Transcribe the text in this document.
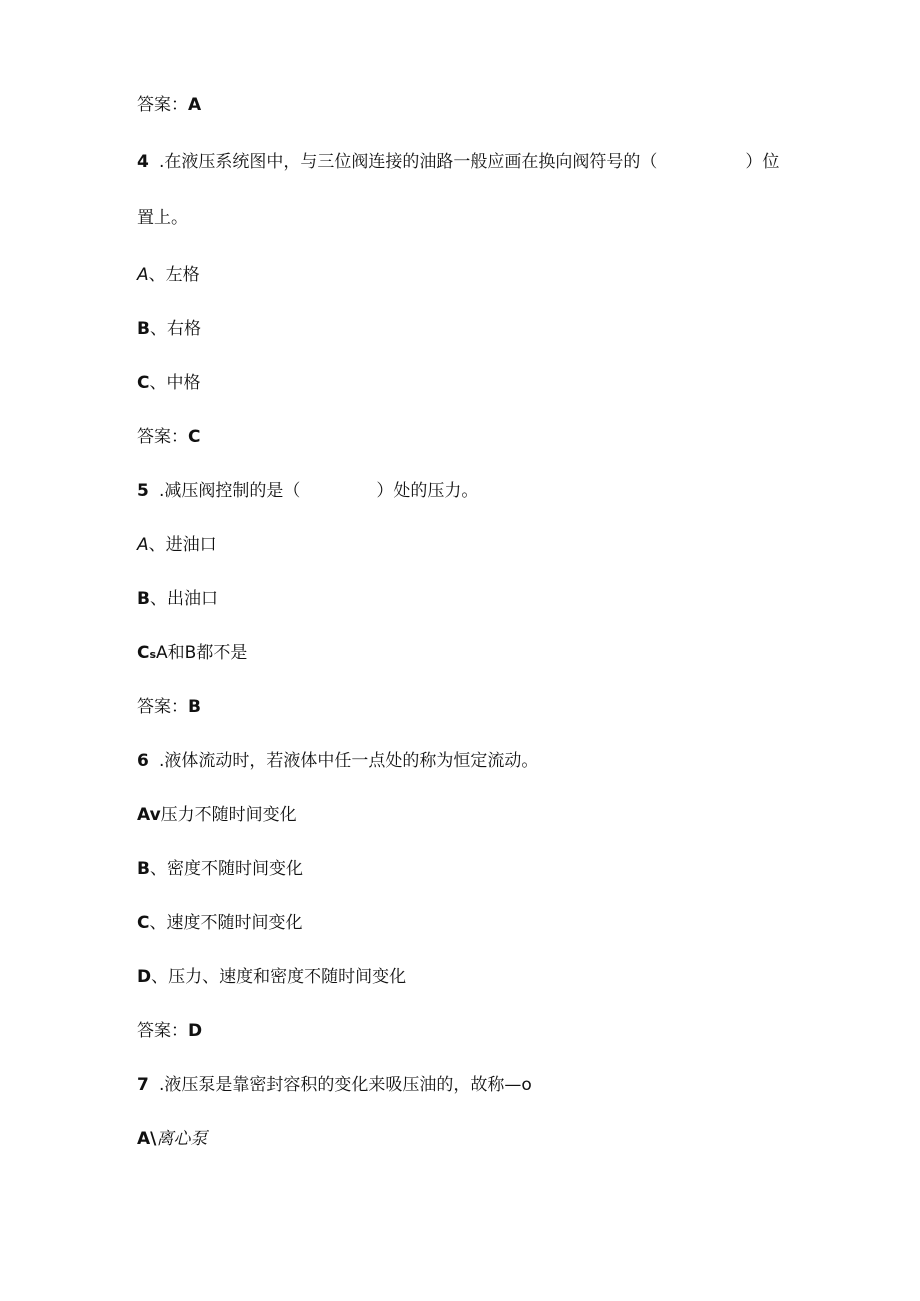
答案：A
4 .在液压系统图中，与三位阀连接的油路一般应画在换向阀符号的（	）位
置上。
A、左格
B、右格
C、中格
答案：C
5 .减压阀控制的是（	）处的压力。
A、进油口
B、出油口
CsA和B都不是
答案：B
6 .液体流动时，若液体中任一点处的称为恒定流动。
Av压力不随时间变化
B、密度不随时间变化
C、速度不随时间变化
D、压力、速度和密度不随时间变化
答案：D
7 .液压泵是靠密封容积的变化来吸压油的，故称—o
A\离心泵
